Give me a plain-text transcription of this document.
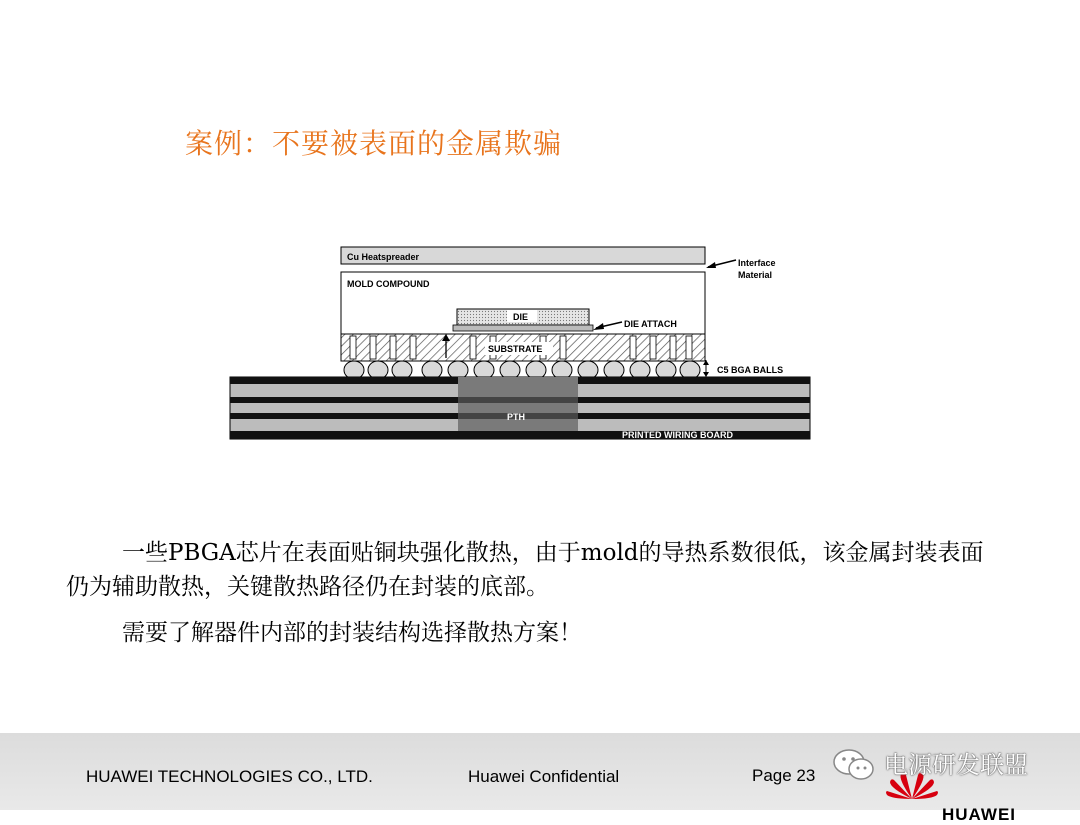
案例：不要被表面的金属欺骗
Cu Heatspreader
Interface
Material
MOLD COMPOUND
DIE
DIE ATTACH
SUBSTRATE
C5 BGA BALLS
PTH
PRINTED WIRING BOARD

一些PBGA芯片在表面贴铜块强化散热，由于mold的导热系数很低，该金属封装表面仍为辅助散热，关键散热路径仍在封装的底部。

需要了解器件内部的封装结构选择散热方案！

HUAWEI TECHNOLOGIES CO., LTD.	Huawei Confidential	Page 23
HUAWEI
电源研发联盟
